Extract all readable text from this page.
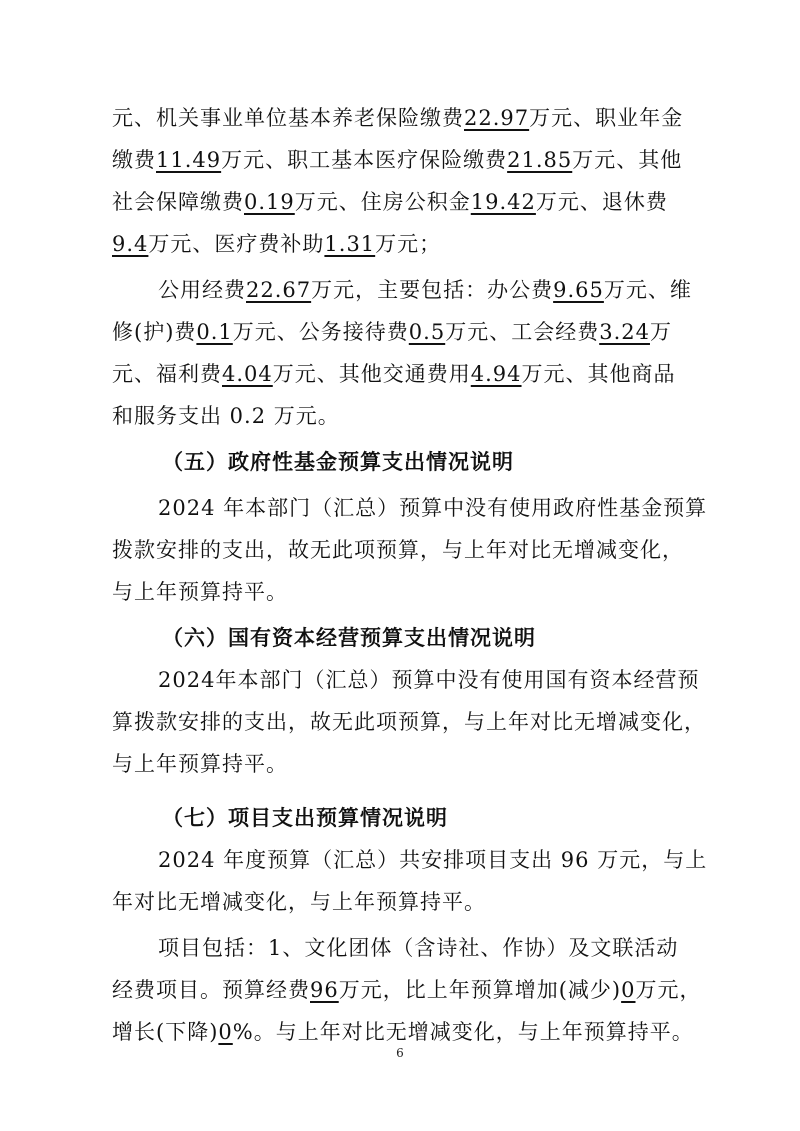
元、机关事业单位基本养老保险缴费22.97万元、职业年金
缴费11.49万元、职工基本医疗保险缴费21.85万元、其他
社会保障缴费0.19万元、住房公积金19.42万元、退休费
9.4万元、医疗费补助1.31万元；
公用经费22.67万元，主要包括：办公费9.65万元、维
修(护)费0.1万元、公务接待费0.5万元、工会经费3.24万
元、福利费4.04万元、其他交通费用4.94万元、其他商品
和服务支出 0.2 万元。
（五）政府性基金预算支出情况说明
2024 年本部门（汇总）预算中没有使用政府性基金预算
拨款安排的支出，故无此项预算，与上年对比无增减变化，
与上年预算持平。
（六）国有资本经营预算支出情况说明
2024年本部门（汇总）预算中没有使用国有资本经营预
算拨款安排的支出，故无此项预算，与上年对比无增减变化，
与上年预算持平。
（七）项目支出预算情况说明
2024 年度预算（汇总）共安排项目支出 96 万元，与上
年对比无增减变化，与上年预算持平。
项目包括：1、文化团体（含诗社、作协）及文联活动
经费项目。预算经费96万元，比上年预算增加(减少)0万元，
增长(下降)0%。与上年对比无增减变化，与上年预算持平。
6
